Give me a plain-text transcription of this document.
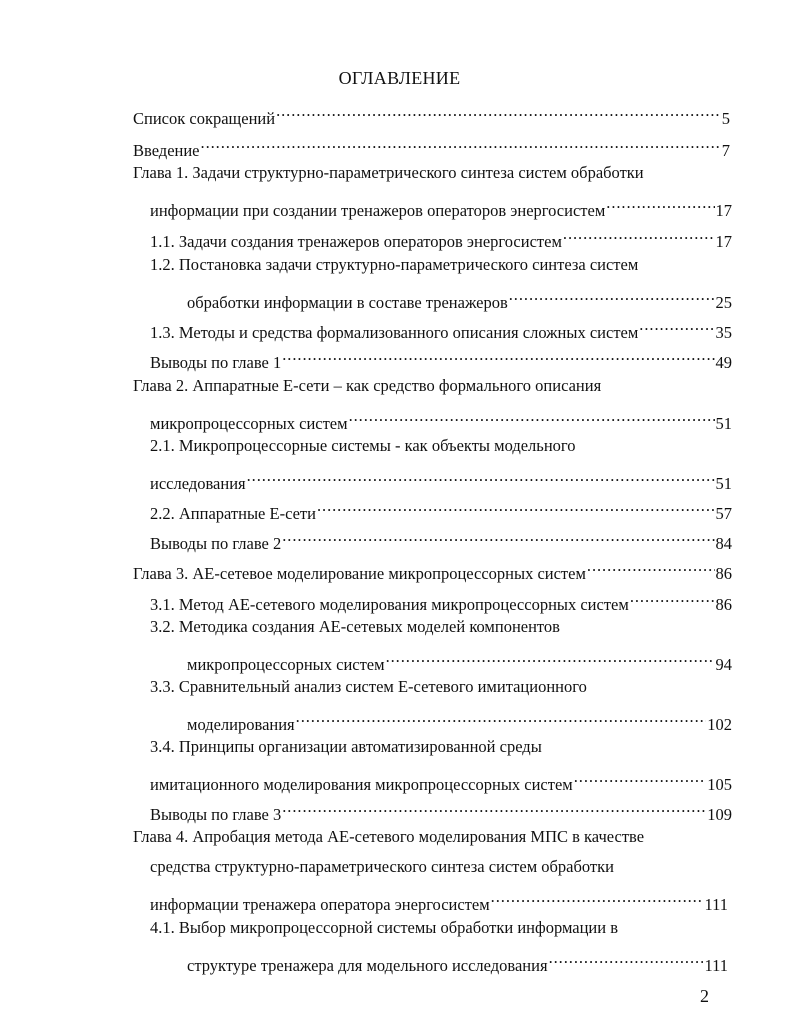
ОГЛАВЛЕНИЕ
Список сокращений . . .	5
Введение . . .	7
Глава 1. Задачи структурно-параметрического синтеза систем обработки
информации при создании тренажеров операторов энергосистем . . .	17
1.1. Задачи создания тренажеров операторов энергосистем . . .	17
1.2. Постановка задачи структурно-параметрического синтеза систем
обработки информации в составе тренажеров . . .	25
1.3. Методы и средства формализованного описания сложных систем . . .	35
Выводы по главе 1 . . .	49
Глава 2. Аппаратные Е-сети – как средство формального описания
микропроцессорных систем . . .	51
2.1. Микропроцессорные системы - как объекты модельного
исследования . . .	51
2.2. Аппаратные Е-сети . . .	57
Выводы по главе 2 . . .	84
Глава 3. АЕ-сетевое моделирование микропроцессорных систем . . .	86
3.1. Метод АЕ-сетевого моделирования микропроцессорных систем . . .	86
3.2. Методика создания АЕ-сетевых моделей компонентов
микропроцессорных систем . . .	94
3.3. Сравнительный анализ систем Е-сетевого имитационного
моделирования . . .	102
3.4. Принципы организации автоматизированной среды
имитационного моделирования микропроцессорных систем . . .	105
Выводы по главе 3 . . .	109
Глава 4. Апробация метода АЕ-сетевого моделирования МПС в качестве
средства структурно-параметрического синтеза систем обработки
информации тренажера оператора энергосистем . . .	111
4.1. Выбор микропроцессорной системы обработки информации в
структуре тренажера для модельного исследования . . .	111
2
